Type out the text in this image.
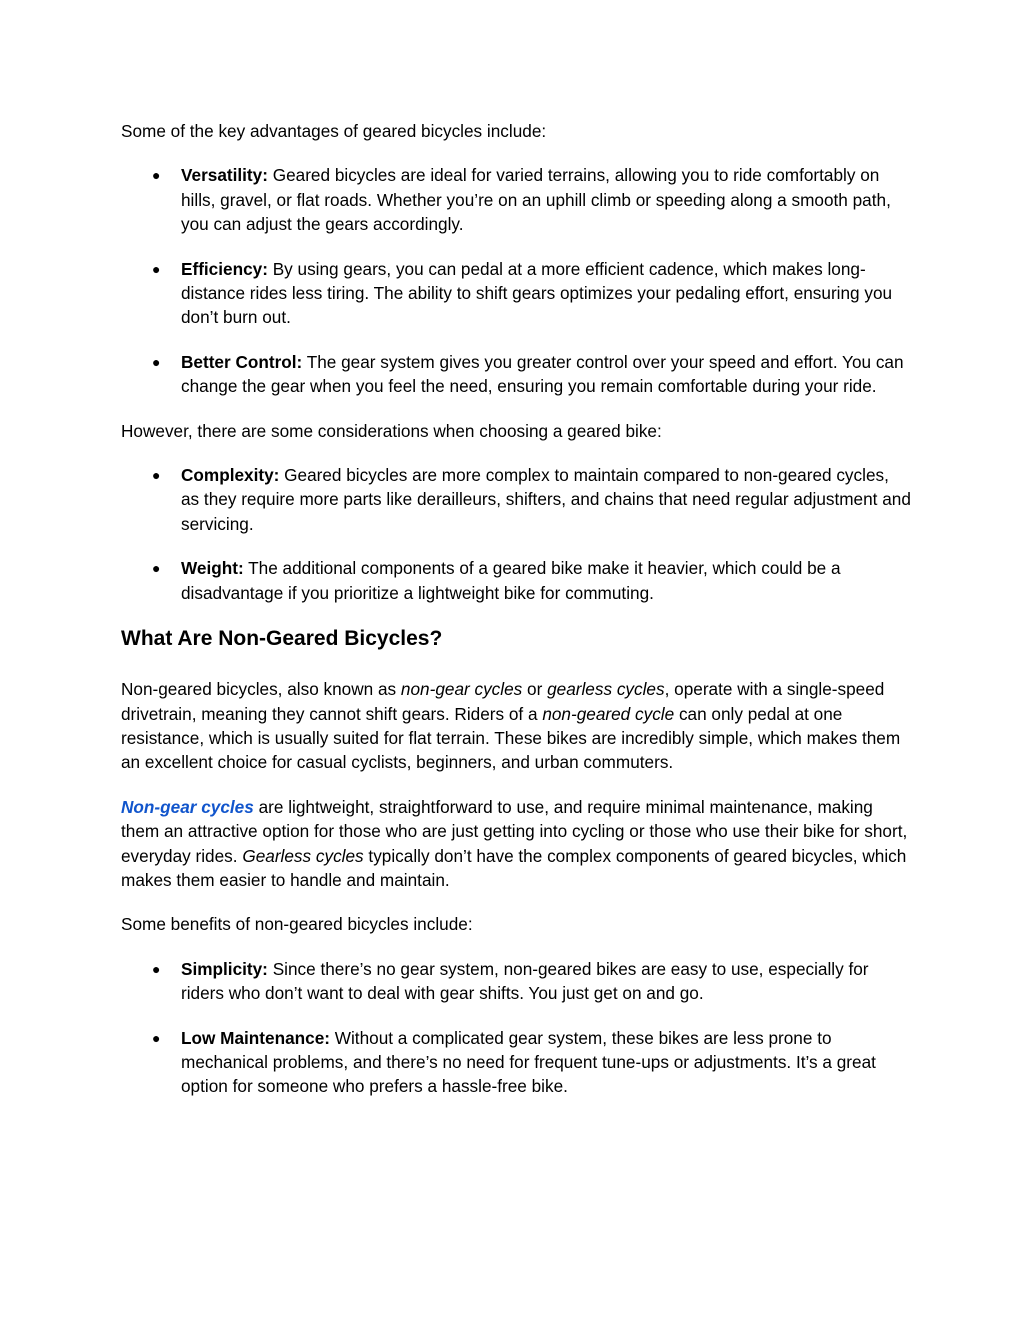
Some of the key advantages of geared bicycles include:

● Versatility: Geared bicycles are ideal for varied terrains, allowing you to ride comfortably on hills, gravel, or flat roads. Whether you’re on an uphill climb or speeding along a smooth path, you can adjust the gears accordingly.
● Efficiency: By using gears, you can pedal at a more efficient cadence, which makes long-distance rides less tiring. The ability to shift gears optimizes your pedaling effort, ensuring you don’t burn out.
● Better Control: The gear system gives you greater control over your speed and effort. You can change the gear when you feel the need, ensuring you remain comfortable during your ride.

However, there are some considerations when choosing a geared bike:

● Complexity: Geared bicycles are more complex to maintain compared to non-geared cycles, as they require more parts like derailleurs, shifters, and chains that need regular adjustment and servicing.
● Weight: The additional components of a geared bike make it heavier, which could be a disadvantage if you prioritize a lightweight bike for commuting.
What Are Non-Geared Bicycles?

Non-geared bicycles, also known as non-gear cycles or gearless cycles, operate with a single-speed drivetrain, meaning they cannot shift gears. Riders of a non-geared cycle can only pedal at one resistance, which is usually suited for flat terrain. These bikes are incredibly simple, which makes them an excellent choice for casual cyclists, beginners, and urban commuters.

Non-gear cycles are lightweight, straightforward to use, and require minimal maintenance, making them an attractive option for those who are just getting into cycling or those who use their bike for short, everyday rides. Gearless cycles typically don’t have the complex components of geared bicycles, which makes them easier to handle and maintain.

Some benefits of non-geared bicycles include:

● Simplicity: Since there’s no gear system, non-geared bikes are easy to use, especially for riders who don’t want to deal with gear shifts. You just get on and go.
● Low Maintenance: Without a complicated gear system, these bikes are less prone to mechanical problems, and there’s no need for frequent tune-ups or adjustments. It’s a great option for someone who prefers a hassle-free bike.
